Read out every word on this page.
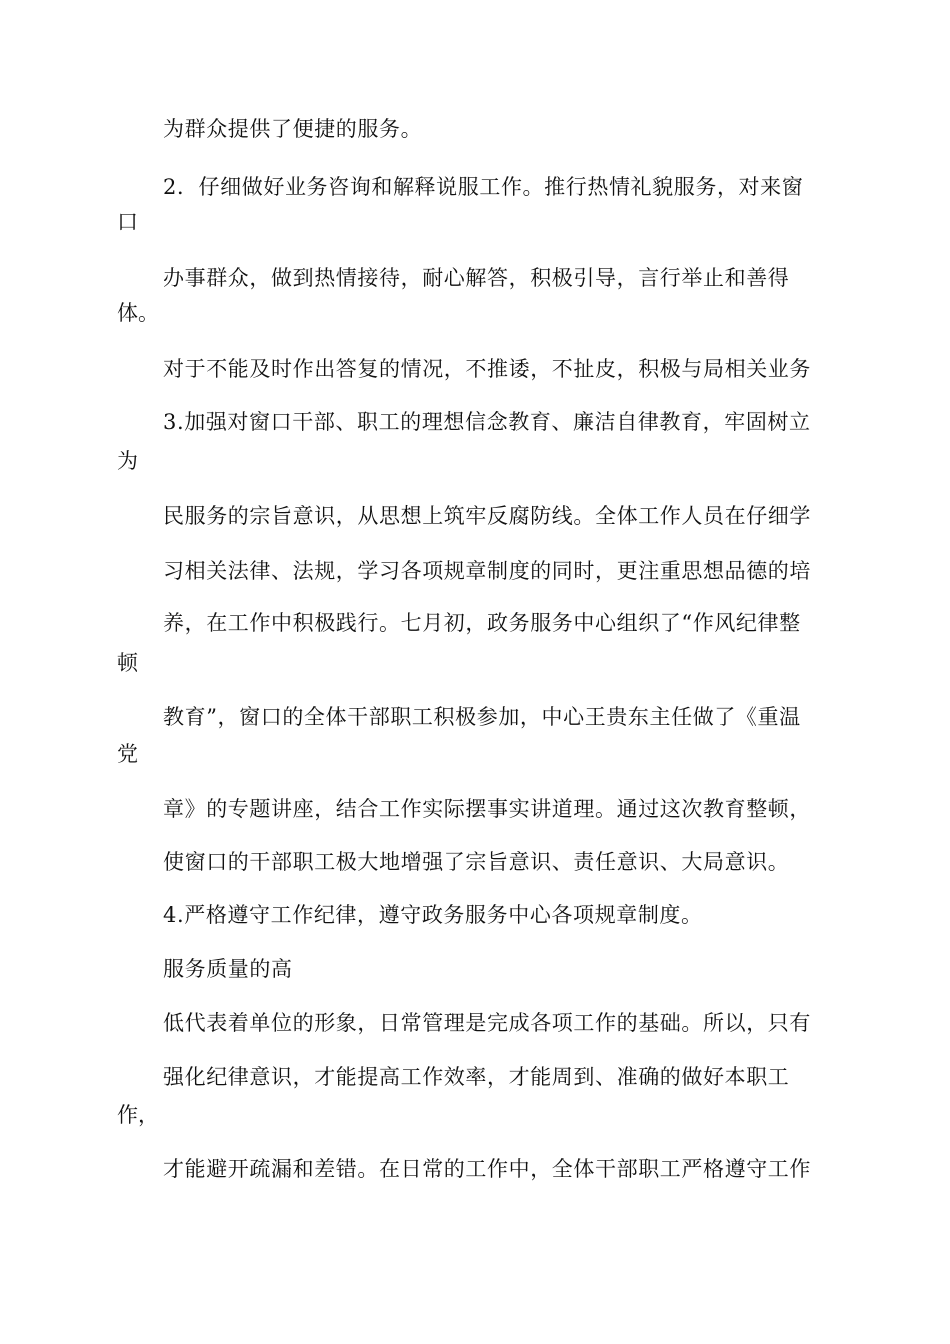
为群众提供了便捷的服务。
2．仔细做好业务咨询和解释说服工作。推行热情礼貌服务，对来窗
口
办事群众，做到热情接待，耐心解答，积极引导，言行举止和善得
体。
对于不能及时作出答复的情况，不推诿，不扯皮，积极与局相关业务
3.加强对窗口干部、职工的理想信念教育、廉洁自律教育，牢固树立
为
民服务的宗旨意识，从思想上筑牢反腐防线。全体工作人员在仔细学
习相关法律、法规，学习各项规章制度的同时，更注重思想品德的培
养，在工作中积极践行。七月初，政务服务中心组织了“作风纪律整
顿
教育”，窗口的全体干部职工积极参加，中心王贵东主任做了《重温
党
章》的专题讲座，结合工作实际摆事实讲道理。通过这次教育整顿，
使窗口的干部职工极大地增强了宗旨意识、责任意识、大局意识。
4.严格遵守工作纪律，遵守政务服务中心各项规章制度。
服务质量的高
低代表着单位的形象，日常管理是完成各项工作的基础。所以，只有
强化纪律意识，才能提高工作效率，才能周到、准确的做好本职工
作，
才能避开疏漏和差错。在日常的工作中，全体干部职工严格遵守工作
